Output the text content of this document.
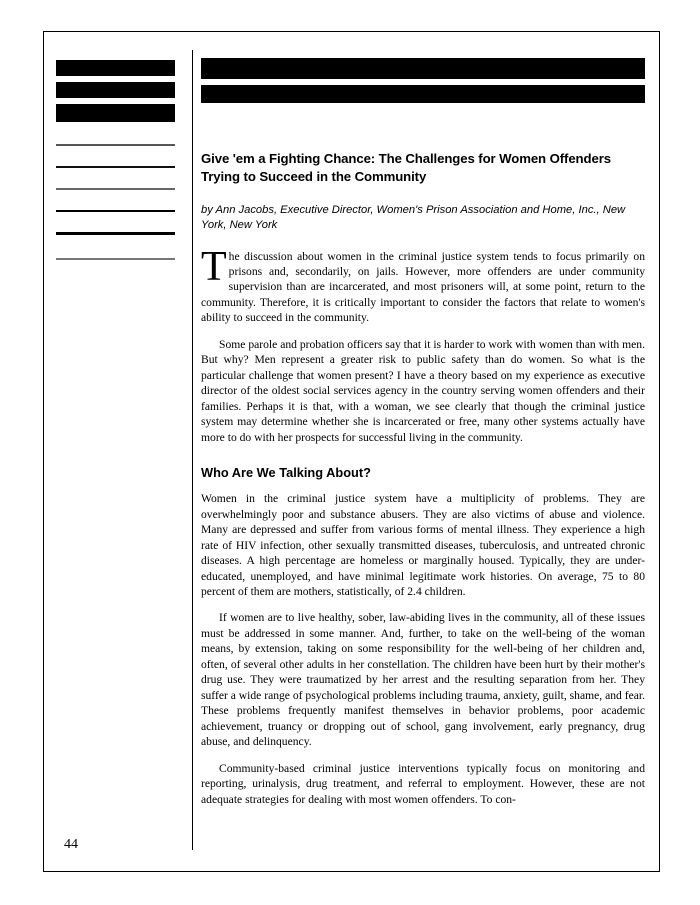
44
Give 'em a Fighting Chance: The Challenges for Women Offenders Trying to Succeed in the Community
by Ann Jacobs, Executive Director, Women's Prison Association and Home, Inc., New York, New York
The discussion about women in the criminal justice system tends to focus primarily on prisons and, secondarily, on jails. However, more offenders are under community supervision than are incarcerated, and most prisoners will, at some point, return to the community. Therefore, it is critically important to consider the factors that relate to women's ability to succeed in the community.
Some parole and probation officers say that it is harder to work with women than with men. But why? Men represent a greater risk to public safety than do women. So what is the particular challenge that women present? I have a theory based on my experience as executive director of the oldest social services agency in the country serving women offenders and their families. Perhaps it is that, with a woman, we see clearly that though the criminal justice system may determine whether she is incarcerated or free, many other systems actually have more to do with her prospects for successful living in the community.
Who Are We Talking About?
Women in the criminal justice system have a multiplicity of problems. They are overwhelmingly poor and substance abusers. They are also victims of abuse and violence. Many are depressed and suffer from various forms of mental illness. They experience a high rate of HIV infection, other sexually transmitted diseases, tuberculosis, and untreated chronic diseases. A high percentage are homeless or marginally housed. Typically, they are under-educated, unemployed, and have minimal legitimate work histories. On average, 75 to 80 percent of them are mothers, statistically, of 2.4 children.
If women are to live healthy, sober, law-abiding lives in the community, all of these issues must be addressed in some manner. And, further, to take on the well-being of the woman means, by extension, taking on some responsibility for the well-being of her children and, often, of several other adults in her constellation. The children have been hurt by their mother's drug use. They were traumatized by her arrest and the resulting separation from her. They suffer a wide range of psychological problems including trauma, anxiety, guilt, shame, and fear. These problems frequently manifest themselves in behavior problems, poor academic achievement, truancy or dropping out of school, gang involvement, early pregnancy, drug abuse, and delinquency.
Community-based criminal justice interventions typically focus on monitoring and reporting, urinalysis, drug treatment, and referral to employment. However, these are not adequate strategies for dealing with most women offenders. To con-
